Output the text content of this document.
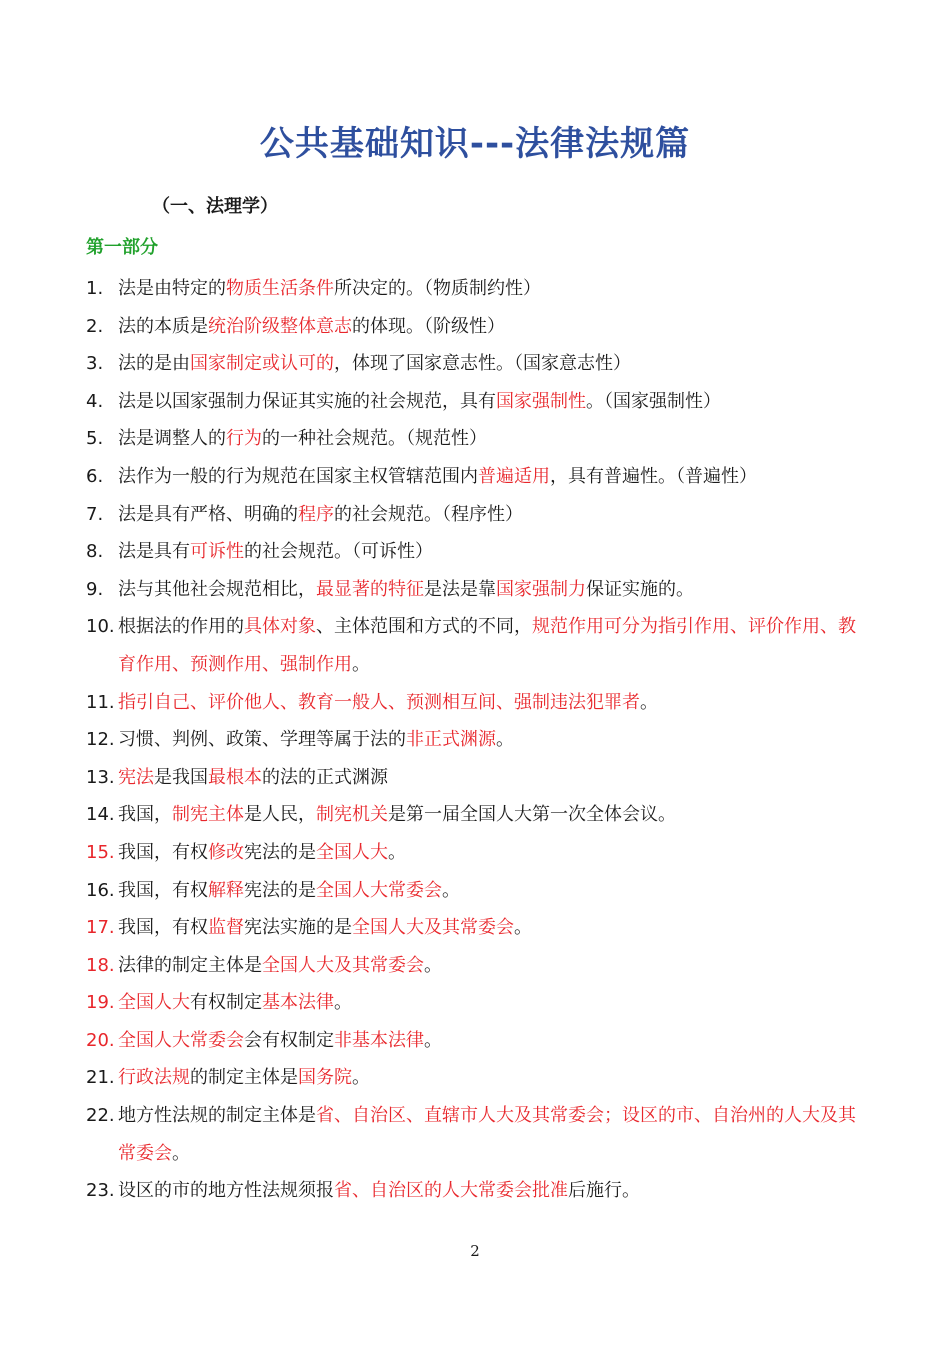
公共基础知识---法律法规篇
（一、法理学）
第一部分
1. 法是由特定的物质生活条件所决定的。（物质制约性）
2. 法的本质是统治阶级整体意志的体现。（阶级性）
3. 法的是由国家制定或认可的，体现了国家意志性。（国家意志性）
4. 法是以国家强制力保证其实施的社会规范，具有国家强制性。（国家强制性）
5. 法是调整人的行为的一种社会规范。（规范性）
6. 法作为一般的行为规范在国家主权管辖范围内普遍适用，具有普遍性。（普遍性）
7. 法是具有严格、明确的程序的社会规范。（程序性）
8. 法是具有可诉性的社会规范。（可诉性）
9. 法与其他社会规范相比，最显著的特征是法是靠国家强制力保证实施的。
10. 根据法的作用的具体对象、主体范围和方式的不同，规范作用可分为指引作用、评价作用、教育作用、预测作用、强制作用。
11. 指引自己、评价他人、教育一般人、预测相互间、强制违法犯罪者。
12. 习惯、判例、政策、学理等属于法的非正式渊源。
13. 宪法是我国最根本的法的正式渊源
14. 我国，制宪主体是人民，制宪机关是第一届全国人大第一次全体会议。
15. 我国，有权修改宪法的是全国人大。
16. 我国，有权解释宪法的是全国人大常委会。
17. 我国，有权监督宪法实施的是全国人大及其常委会。
18. 法律的制定主体是全国人大及其常委会。
19. 全国人大有权制定基本法律。
20. 全国人大常委会会有权制定非基本法律。
21. 行政法规的制定主体是国务院。
22. 地方性法规的制定主体是省、自治区、直辖市人大及其常委会；设区的市、自治州的人大及其常委会。
23. 设区的市的地方性法规须报省、自治区的人大常委会批准后施行。
2
